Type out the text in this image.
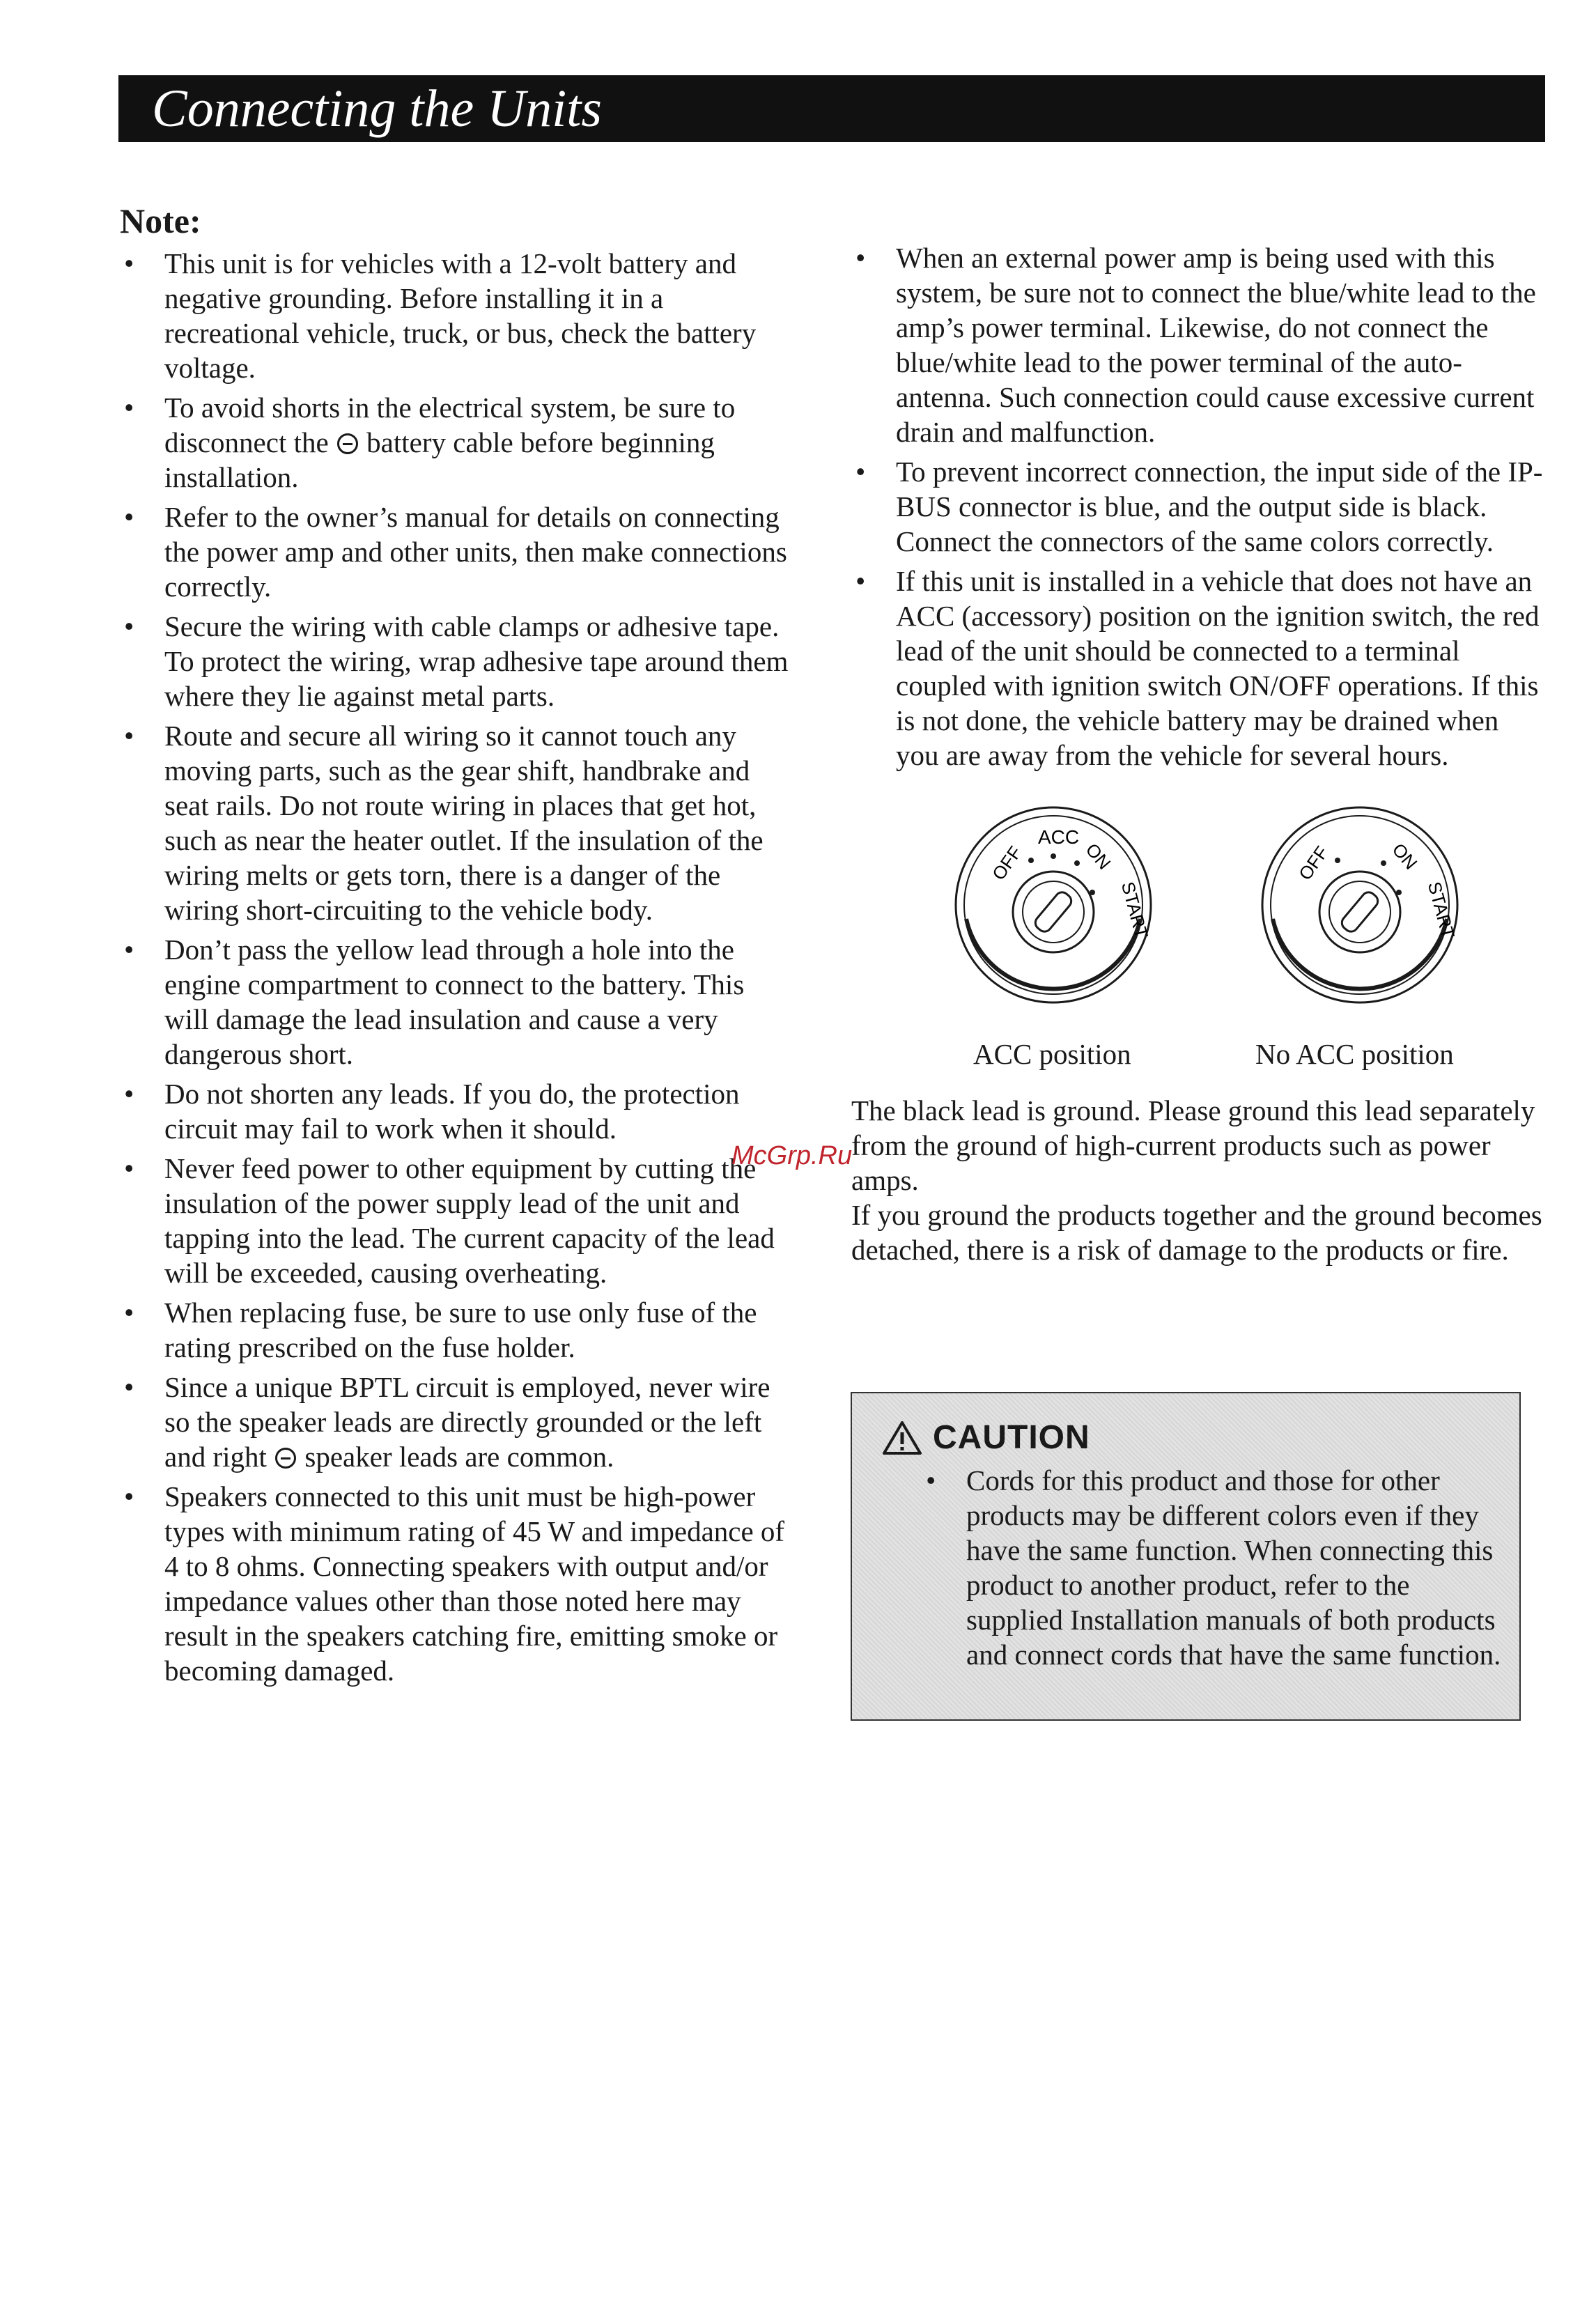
Connecting the Units
Note:
• This unit is for vehicles with a 12-volt battery and negative grounding. Before installing it in a recreational vehicle, truck, or bus, check the battery voltage.
• To avoid shorts in the electrical system, be sure to disconnect the  battery cable before beginning installation.
• Refer to the owner’s manual for details on connecting the power amp and other units, then make connections correctly.
• Secure the wiring with cable clamps or adhesive tape. To protect the wiring, wrap adhesive tape around them where they lie against metal parts.
• Route and secure all wiring so it cannot touch any moving parts, such as the gear shift, handbrake and seat rails. Do not route wiring in places that get hot, such as near the heater outlet. If the insulation of the wiring melts or gets torn, there is a danger of the wiring short-circuiting to the vehicle body.
• Don’t pass the yellow lead through a hole into the engine compartment to connect to the battery. This will damage the lead insulation and cause a very dangerous short.
• Do not shorten any leads. If you do, the protection circuit may fail to work when it should.
• Never feed power to other equipment by cutting the insulation of the power supply lead of the unit and tapping into the lead. The current capacity of the lead will be exceeded, causing overheating.
• When replacing fuse, be sure to use only fuse of the rating prescribed on the fuse holder.
• Since a unique BPTL circuit is employed, never wire so the speaker leads are directly grounded or the left and right  speaker leads are common.
• Speakers connected to this unit must be high-power types with minimum rating of 45 W and impedance of 4 to 8 ohms. Connecting speakers with output and/or impedance values other than those noted here may result in the speakers catching fire, emitting smoke or becoming damaged.
McGrp.Ru
• When an external power amp is being used with this system, be sure not to connect the blue/white lead to the amp’s power terminal. Likewise, do not connect the blue/white lead to the power terminal of the auto-antenna. Such connection could cause excessive current drain and malfunction.
• To prevent incorrect connection, the input side of the IP-BUS connector is blue, and the output side is black. Connect the connectors of the same colors correctly.
• If this unit is installed in a vehicle that does not have an ACC (accessory) position on the ignition switch, the red lead of the unit should be connected to a terminal coupled with ignition switch ON/OFF operations. If this is not done, the vehicle battery may be drained when you are away from the vehicle for several hours.
OFF
ACC
ON
START
OFF	ON
START
ACC position	No ACC position

The black lead is ground. Please ground this lead separately from the ground of high-current products such as power amps.

If you ground the products together and the ground becomes detached, there is a risk of damage to the products or fire.

CAUTION
• Cords for this product and those for other products may be different colors even if they have the same function. When connecting this product to another product, refer to the supplied Installation manuals of both products and connect cords that have the same function.
